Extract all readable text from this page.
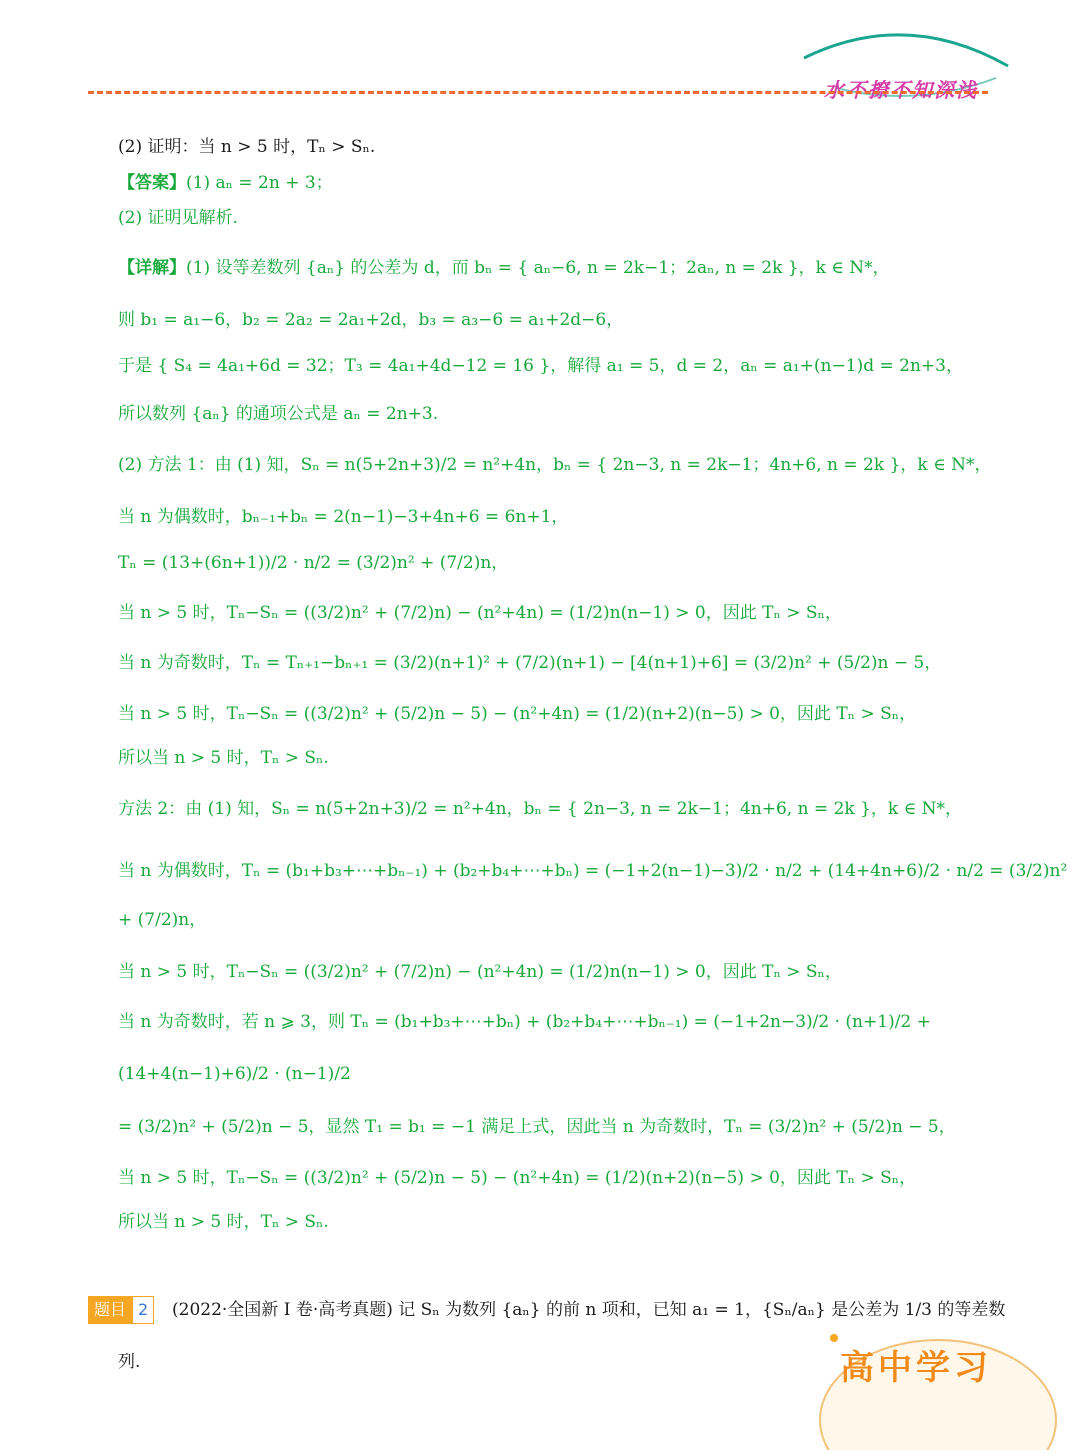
水不撩不知深浅
(2) 证明：当 n > 5 时，Tₙ > Sₙ.
【答案】(1) aₙ = 2n + 3；
(2) 证明见解析.
【详解】(1) 设等差数列 {aₙ} 的公差为 d，而 bₙ = { aₙ−6, n = 2k−1；2aₙ, n = 2k }，k ∈ N*，
则 b₁ = a₁−6，b₂ = 2a₂ = 2a₁+2d，b₃ = a₃−6 = a₁+2d−6，
于是 { S₄ = 4a₁+6d = 32；T₃ = 4a₁+4d−12 = 16 }，解得 a₁ = 5，d = 2，aₙ = a₁+(n−1)d = 2n+3，
所以数列 {aₙ} 的通项公式是 aₙ = 2n+3.
(2) 方法 1：由 (1) 知，Sₙ = n(5+2n+3)/2 = n²+4n，bₙ = { 2n−3, n = 2k−1；4n+6, n = 2k }，k ∈ N*，
当 n 为偶数时，bₙ₋₁+bₙ = 2(n−1)−3+4n+6 = 6n+1，
Tₙ = (13+(6n+1))/2 · n/2 = (3/2)n² + (7/2)n，
当 n > 5 时，Tₙ−Sₙ = ((3/2)n² + (7/2)n) − (n²+4n) = (1/2)n(n−1) > 0，因此 Tₙ > Sₙ，
当 n 为奇数时，Tₙ = Tₙ₊₁−bₙ₊₁ = (3/2)(n+1)² + (7/2)(n+1) − [4(n+1)+6] = (3/2)n² + (5/2)n − 5，
当 n > 5 时，Tₙ−Sₙ = ((3/2)n² + (5/2)n − 5) − (n²+4n) = (1/2)(n+2)(n−5) > 0，因此 Tₙ > Sₙ，
所以当 n > 5 时，Tₙ > Sₙ.
方法 2：由 (1) 知，Sₙ = n(5+2n+3)/2 = n²+4n，bₙ = { 2n−3, n = 2k−1；4n+6, n = 2k }，k ∈ N*，
当 n 为偶数时，Tₙ = (b₁+b₃+⋯+bₙ₋₁) + (b₂+b₄+⋯+bₙ) = (−1+2(n−1)−3)/2 · n/2 + (14+4n+6)/2 · n/2 = (3/2)n²
+ (7/2)n，
当 n > 5 时，Tₙ−Sₙ = ((3/2)n² + (7/2)n) − (n²+4n) = (1/2)n(n−1) > 0，因此 Tₙ > Sₙ，
当 n 为奇数时，若 n ⩾ 3，则 Tₙ = (b₁+b₃+⋯+bₙ) + (b₂+b₄+⋯+bₙ₋₁) = (−1+2n−3)/2 · (n+1)/2 +
(14+4(n−1)+6)/2 · (n−1)/2
= (3/2)n² + (5/2)n − 5，显然 T₁ = b₁ = −1 满足上式，因此当 n 为奇数时，Tₙ = (3/2)n² + (5/2)n − 5，
当 n > 5 时，Tₙ−Sₙ = ((3/2)n² + (5/2)n − 5) − (n²+4n) = (1/2)(n+2)(n−5) > 0，因此 Tₙ > Sₙ，
所以当 n > 5 时，Tₙ > Sₙ.
题目 2	(2022·全国新 I 卷·高考真题) 记 Sₙ 为数列 {aₙ} 的前 n 项和，已知 a₁ = 1，{Sₙ/aₙ} 是公差为 1/3 的等差数
列.	高中学习
